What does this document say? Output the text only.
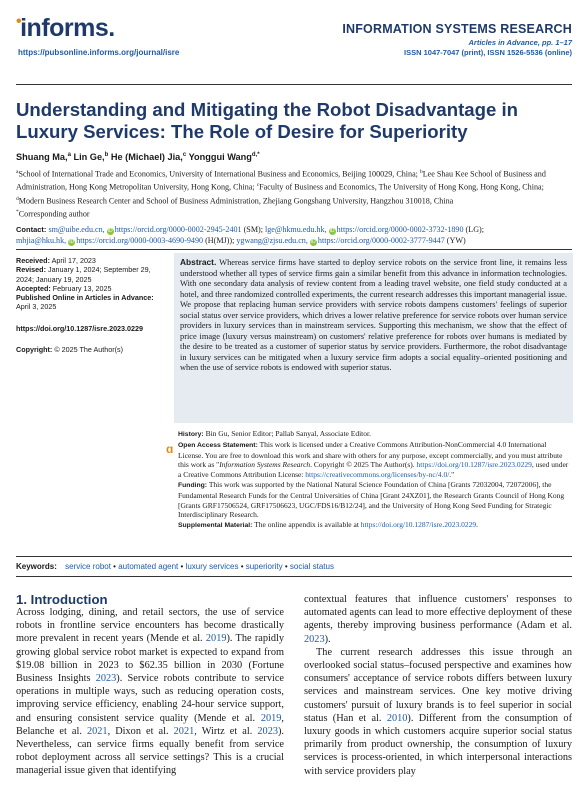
•informs.
https://pubsonline.informs.org/journal/isre
INFORMATION SYSTEMS RESEARCH
Articles in Advance, pp. 1–17
ISSN 1047-7047 (print), ISSN 1526-5536 (online)
Understanding and Mitigating the Robot Disadvantage in Luxury Services: The Role of Desire for Superiority
Shuang Ma,$^a$ Lin Ge,$^b$ He (Michael) Jia,$^c$ Yonggui Wang$^{d,*}$
$^a$School of International Trade and Economics, University of International Business and Economics, Beijing 100029, China; $^b$Lee Shau Kee School of Business and Administration, Hong Kong Metropolitan University, Hong Kong, China; $^c$Faculty of Business and Economics, The University of Hong Kong, Hong Kong, China; $^d$Modern Business Research Center and School of Business Administration, Zhejiang Gongshang University, Hangzhou 310018, China
*Corresponding author
Contact: sm@uibe.edu.cn, iD https://orcid.org/0000-0002-2945-2401 (SM); lge@hkmu.edu.hk, iD https://orcid.org/0000-0002-3732-1890 (LG);
mhjia@hku.hk, iD https://orcid.org/0000-0003-4690-9490 (H(MJ)); ygwang@zjsu.edu.cn, iD https://orcid.org/0000-0002-3777-9447 (YW)
Received: April 17, 2023
Revised: January 1, 2024; September 29, 2024; January 19, 2025
Accepted: February 13, 2025
Published Online in Articles in Advance: April 3, 2025
https://doi.org/10.1287/isre.2023.0229
Copyright: © 2025 The Author(s)
Abstract. Whereas service firms have started to deploy service robots on the service front line, it remains less understood whether all types of service firms gain a similar benefit from this advance in information technologies. With one secondary data analysis of review content from a leading travel website, one field study conducted at a hotel, and three randomized controlled experiments, the current research addresses this important managerial issue. We propose that replacing human service providers with service robots dampens customers' feelings of superior social status over service providers, which drives a lower relative preference for service robots over human service providers in luxury services than in mainstream services. Supporting this mechanism, we show that the effect of price image (luxury versus mainstream) on customers' relative preference for robots over humans is mediated by the desire to be treated as a customer of superior status by service providers. Furthermore, the robot disadvantage in luxury services can be mitigated when a luxury service firm adopts a social equality–oriented positioning and when the use of service robots is endowed with superior status.
ɑ

History: Bin Gu, Senior Editor; Pallab Sanyal, Associate Editor.

Open Access Statement: This work is licensed under a Creative Commons Attribution-NonCommercial 4.0 International License. You are free to download this work and share with others for any purpose, except commercially, and you must attribute this work as "Information Systems Research. Copyright © 2025 The Author(s). https://doi.org/10.1287/isre.2023.0229, used under a Creative Commons Attribution License: https://creativecommons.org/licenses/by-nc/4.0/."

Funding: This work was supported by the National Natural Science Foundation of China [Grants 72032004, 72072006], the Fundamental Research Funds for the Central Universities of China [Grant 24XZ01], the Research Grants Council of Hong Kong [Grants GRF17506524, GRF17506623, UGC/FDS16/B12/24], and the University of Hong Kong Seed Funding for Strategic Interdisciplinary Research.

Supplemental Material: The online appendix is available at https://doi.org/10.1287/isre.2023.0229.

Keywords: service robot • automated agent • luxury services • superiority • social status
1. Introduction

Across lodging, dining, and retail sectors, the use of service robots in frontline service encounters has become drastically more prevalent in recent years (Mende et al. 2019). The rapidly growing global service robot market is expected to expand from $19.08 billion in 2023 to $62.35 billion in 2030 (Fortune Business Insights 2023). Service robots contribute to service operations in multiple ways, such as reducing operation costs, improving service efficiency, enabling 24-hour service support, and ensuring consistent service quality (Mende et al. 2019, Belanche et al. 2021, Dixon et al. 2021, Wirtz et al. 2023). Nevertheless, can service firms equally benefit from service robot deployment across all service settings? This is a crucial managerial issue given that identifying

contextual features that influence customers' responses to automated agents can lead to more effective deployment of these agents, thereby improving business performance (Adam et al. 2023).

The current research addresses this issue through an overlooked social status–focused perspective and examines how consumers' acceptance of service robots differs between luxury services and mainstream services. One key motive driving customers' pursuit of luxury brands is to feel superior in social status (Han et al. 2010). Different from the consumption of luxury goods in which customers acquire superior social status primarily from product ownership, the consumption of luxury services is process-oriented, in which interpersonal interactions with service providers play
